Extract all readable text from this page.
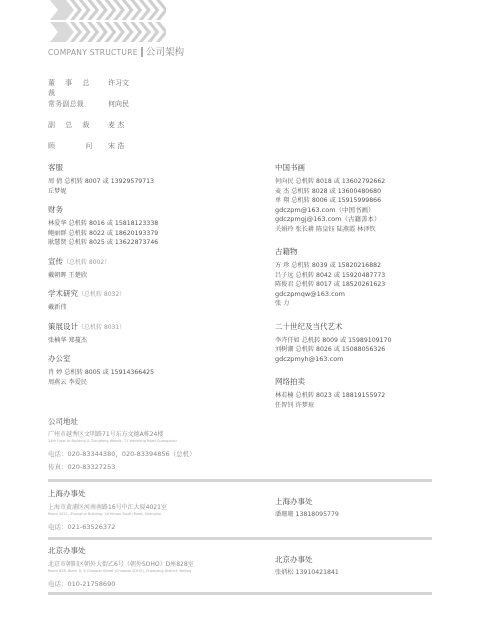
COMPANY STRUCTURE 公司架构
董 事 总 裁
许习文
常务副总裁	何向民
副 总 裁	麦 杰
顾 问 宋 浩
客服
周 倩 总机转 8007 或 13929579713
丘梦妮
财务
林爱华 总机转 8016 或 15818123338
鲍丽群 总机转 8022 或 18620193379
耿慧贤 总机转 8025 或 13622873746
宣传（总机转 8002）
戴朝晖 王楚欣
学术研究（总机转 8032）
戴新伟
策展设计（总机转 8031）
张楠华 郑蔓杰
办公室
肖 婷 总机转 8005 或 15914366425
周燕云 李爱民
中国书画
何向民 总机转 8018 或 13602792662
麦 杰 总机转 8028 或 13600480680
单 翔 总机转 8006 或 15915999866
gdczpm@163.com（中国书画）
gdczpmgj@163.com（古籍善本）
关娟玲 张长耕 陈皇钰 陆燕霞 林泽钦
古籍物
方 珍 总机转 8039 或 15820216882
吕子远 总机转 8042 或 15920487773
陈俊君 总机转 8017 或 18520261623
gdczpmqw@163.com
张 力
二十世纪及当代艺术
李卉仟如 总机转 8009 或 15989109170
刘树潮 总机转 8026 或 15088056326
gdczpmyh@163.com
网络拍卖
林若楠 总机转 8023 或 18819155972
任智钊 许梦瑄
公司地址
广州市越秀区文明路71号东方文德A栋24楼
24th Floor of Building A, Dongfang Wende, 71 Wenming Road,Guangzhou
电话：020-83344380，020-83394856（总机）
传真：020-83327253
上海办事处
上海市黄浦区河南南路16号中汇大厦4021室
Room 4021, Zhonghui Building, 16 Henan South Road, Shanghai
电话：021-63526372
上海办事处
潘珊珊 13818095779
北京办事处
北京市朝阳区朝外大街乙6号（朝外SOHO）D座828室
Room 828, Block D, 6 Chaowai Street (Chaowai SOHO), Chaoyang District, Beijing
电话：010-21758690
北京办事处
张炳松 13910421841
